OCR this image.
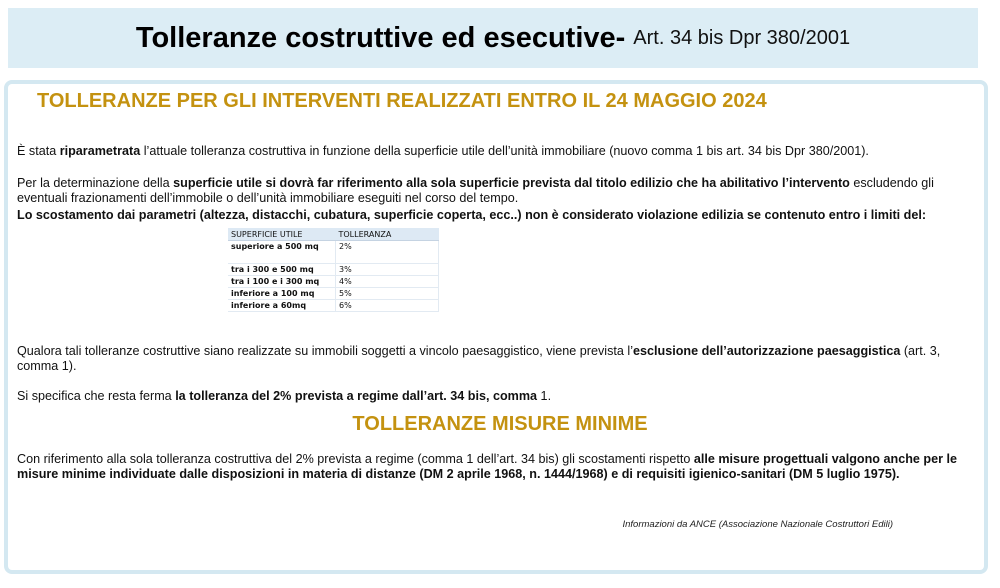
Tolleranze costruttive ed esecutive- Art. 34 bis Dpr 380/2001
TOLLERANZE PER GLI INTERVENTI REALIZZATI ENTRO IL 24 MAGGIO 2024
È stata riparametrata l’attuale tolleranza costruttiva in funzione della superficie utile dell’unità immobiliare (nuovo comma 1 bis art. 34 bis Dpr 380/2001).
Per la determinazione della superficie utile si dovrà far riferimento alla sola superficie prevista dal titolo edilizio che ha abilitativo l’intervento escludendo gli eventuali frazionamenti dell’immobile o dell’unità immobiliare eseguiti nel corso del tempo.
Lo scostamento dai parametri (altezza, distacchi, cubatura, superficie coperta, ecc..) non è considerato violazione edilizia se contenuto entro i limiti del:
SUPERFICIE UTILE	TOLLERANZA
superiore a 500 mq	2%
tra i 300 e 500 mq	3%
tra i 100 e i 300 mq	4%
inferiore a 100 mq	5%
inferiore a 60mq	6%
Qualora tali tolleranze costruttive siano realizzate su immobili soggetti a vincolo paesaggistico, viene prevista l’esclusione dell’autorizzazione paesaggistica (art. 3, comma 1).
Si specifica che resta ferma la tolleranza del 2% prevista a regime dall’art. 34 bis, comma 1.
TOLLERANZE MISURE MINIME
Con riferimento alla sola tolleranza costruttiva del 2% prevista a regime (comma 1 dell’art. 34 bis) gli scostamenti rispetto alle misure progettuali valgono anche per le misure minime individuate dalle disposizioni in materia di distanze (DM 2 aprile 1968, n. 1444/1968) e di requisiti igienico-sanitari (DM 5 luglio 1975).
Informazioni da ANCE (Associazione Nazionale Costruttori Edili)
